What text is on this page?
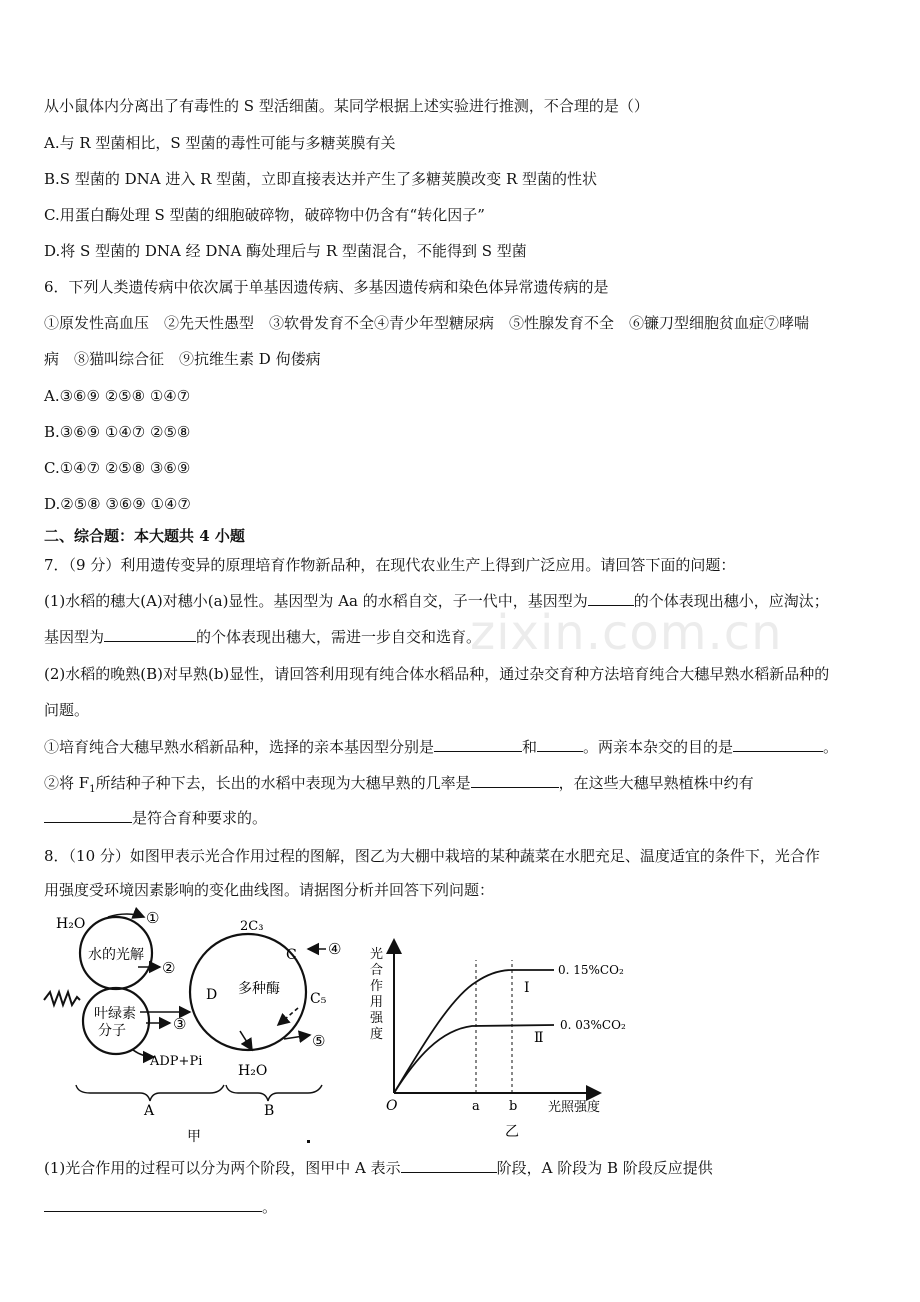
zixin.com.cn
从小鼠体内分离出了有毒性的 S 型活细菌。某同学根据上述实验进行推测，不合理的是（）
A.与 R 型菌相比，S 型菌的毒性可能与多糖荚膜有关
B.S 型菌的 DNA 进入 R 型菌，立即直接表达并产生了多糖荚膜改变 R 型菌的性状
C.用蛋白酶处理 S 型菌的细胞破碎物，破碎物中仍含有“转化因子”
D.将 S 型菌的 DNA 经 DNA 酶处理后与 R 型菌混合，不能得到 S 型菌
6．下列人类遗传病中依次属于单基因遗传病、多基因遗传病和染色体异常遗传病的是
①原发性高血压　②先天性愚型　③软骨发育不全④青少年型糖尿病　⑤性腺发育不全　⑥镰刀型细胞贫血症⑦哮喘
病　⑧猫叫综合征　⑨抗维生素 D 佝偻病
A.③⑥⑨ ②⑤⑧ ①④⑦
B.③⑥⑨ ①④⑦ ②⑤⑧
C.①④⑦ ②⑤⑧ ③⑥⑨
D.②⑤⑧ ③⑥⑨ ①④⑦
二、综合题：本大题共 4 小题
7．（9 分）利用遗传变异的原理培育作物新品种，在现代农业生产上得到广泛应用。请回答下面的问题：
(1)水稻的穗大(A)对穗小(a)显性。基因型为 Aa 的水稻自交，子一代中，基因型为	的个体表现出穗小，应淘汰；
基因型为	的个体表现出穗大，需进一步自交和选育。
(2)水稻的晚熟(B)对早熟(b)显性，请回答利用现有纯合体水稻品种，通过杂交育种方法培育纯合大穗早熟水稻新品种的
问题。
①培育纯合大穗早熟水稻新品种，选择的亲本基因型分别是	和	。两亲本杂交的目的是	。
②将 $F_1$所结种子种下去，长出的水稻中表现为大穗早熟的几率是	，在这些大穗早熟植株中约有
是符合育种要求的。
8．（10 分）如图甲表示光合作用过程的图解，图乙为大棚中栽培的某种蔬菜在水肥充足、温度适宜的条件下，光合作
用强度受环境因素影响的变化曲线图。请据图分析并回答下列问题：
H₂O	①
水的光解
②
D
叶绿素
分子	③
ADP+Pi
H₂O
多种酶
2C₃
C ④
C₅
⑤
A	B
甲
光
合
作
用
强
度
Ⅰ
Ⅱ
0. 15%CO₂
0. 03%CO₂
O	a b 光照强度
乙
(1)光合作用的过程可以分为两个阶段，图甲中 A 表示	阶段，A 阶段为 B 阶段反应提供
。
